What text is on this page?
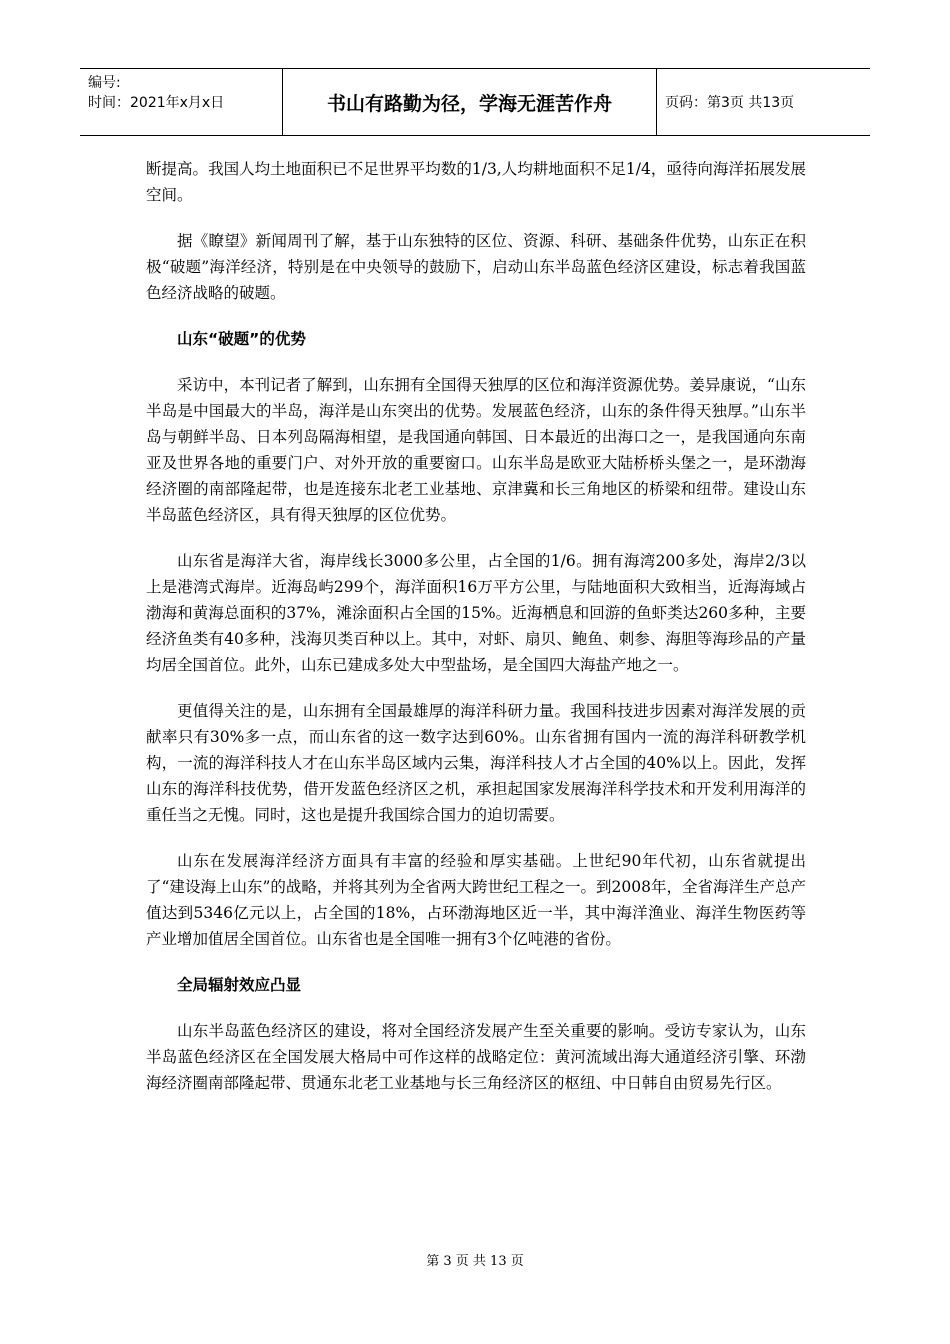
编号:
时间：2021年x月x日	书山有路勤为径，学海无涯苦作舟	页码：第3页 共13页

断提高。我国人均土地面积已不足世界平均数的1/3,人均耕地面积不足1/4，亟待向海洋拓展发展空间。

据《瞭望》新闻周刊了解，基于山东独特的区位、资源、科研、基础条件优势，山东正在积极“破题”海洋经济，特别是在中央领导的鼓励下，启动山东半岛蓝色经济区建设，标志着我国蓝色经济战略的破题。

山东“破题”的优势

采访中，本刊记者了解到，山东拥有全国得天独厚的区位和海洋资源优势。姜异康说，“山东半岛是中国最大的半岛，海洋是山东突出的优势。发展蓝色经济，山东的条件得天独厚。”山东半岛与朝鲜半岛、日本列岛隔海相望，是我国通向韩国、日本最近的出海口之一，是我国通向东南亚及世界各地的重要门户、对外开放的重要窗口。山东半岛是欧亚大陆桥桥头堡之一，是环渤海经济圈的南部隆起带，也是连接东北老工业基地、京津冀和长三角地区的桥梁和纽带。建设山东半岛蓝色经济区，具有得天独厚的区位优势。

山东省是海洋大省，海岸线长3000多公里，占全国的1/6。拥有海湾200多处，海岸2/3以上是港湾式海岸。近海岛屿299个，海洋面积16万平方公里，与陆地面积大致相当，近海海域占渤海和黄海总面积的37%，滩涂面积占全国的15%。近海栖息和回游的鱼虾类达260多种，主要经济鱼类有40多种，浅海贝类百种以上。其中，对虾、扇贝、鲍鱼、刺参、海胆等海珍品的产量均居全国首位。此外，山东已建成多处大中型盐场，是全国四大海盐产地之一。

更值得关注的是，山东拥有全国最雄厚的海洋科研力量。我国科技进步因素对海洋发展的贡献率只有30%多一点，而山东省的这一数字达到60%。山东省拥有国内一流的海洋科研教学机构，一流的海洋科技人才在山东半岛区域内云集，海洋科技人才占全国的40%以上。因此，发挥山东的海洋科技优势，借开发蓝色经济区之机，承担起国家发展海洋科学技术和开发利用海洋的重任当之无愧。同时，这也是提升我国综合国力的迫切需要。

山东在发展海洋经济方面具有丰富的经验和厚实基础。上世纪90年代初，山东省就提出了“建设海上山东”的战略，并将其列为全省两大跨世纪工程之一。到2008年，全省海洋生产总产值达到5346亿元以上，占全国的18%，占环渤海地区近一半，其中海洋渔业、海洋生物医药等产业增加值居全国首位。山东省也是全国唯一拥有3个亿吨港的省份。

全局辐射效应凸显

山东半岛蓝色经济区的建设，将对全国经济发展产生至关重要的影响。受访专家认为，山东半岛蓝色经济区在全国发展大格局中可作这样的战略定位：黄河流域出海大通道经济引擎、环渤海经济圈南部隆起带、贯通东北老工业基地与长三角经济区的枢纽、中日韩自由贸易先行区。

第 3 页 共 13 页
